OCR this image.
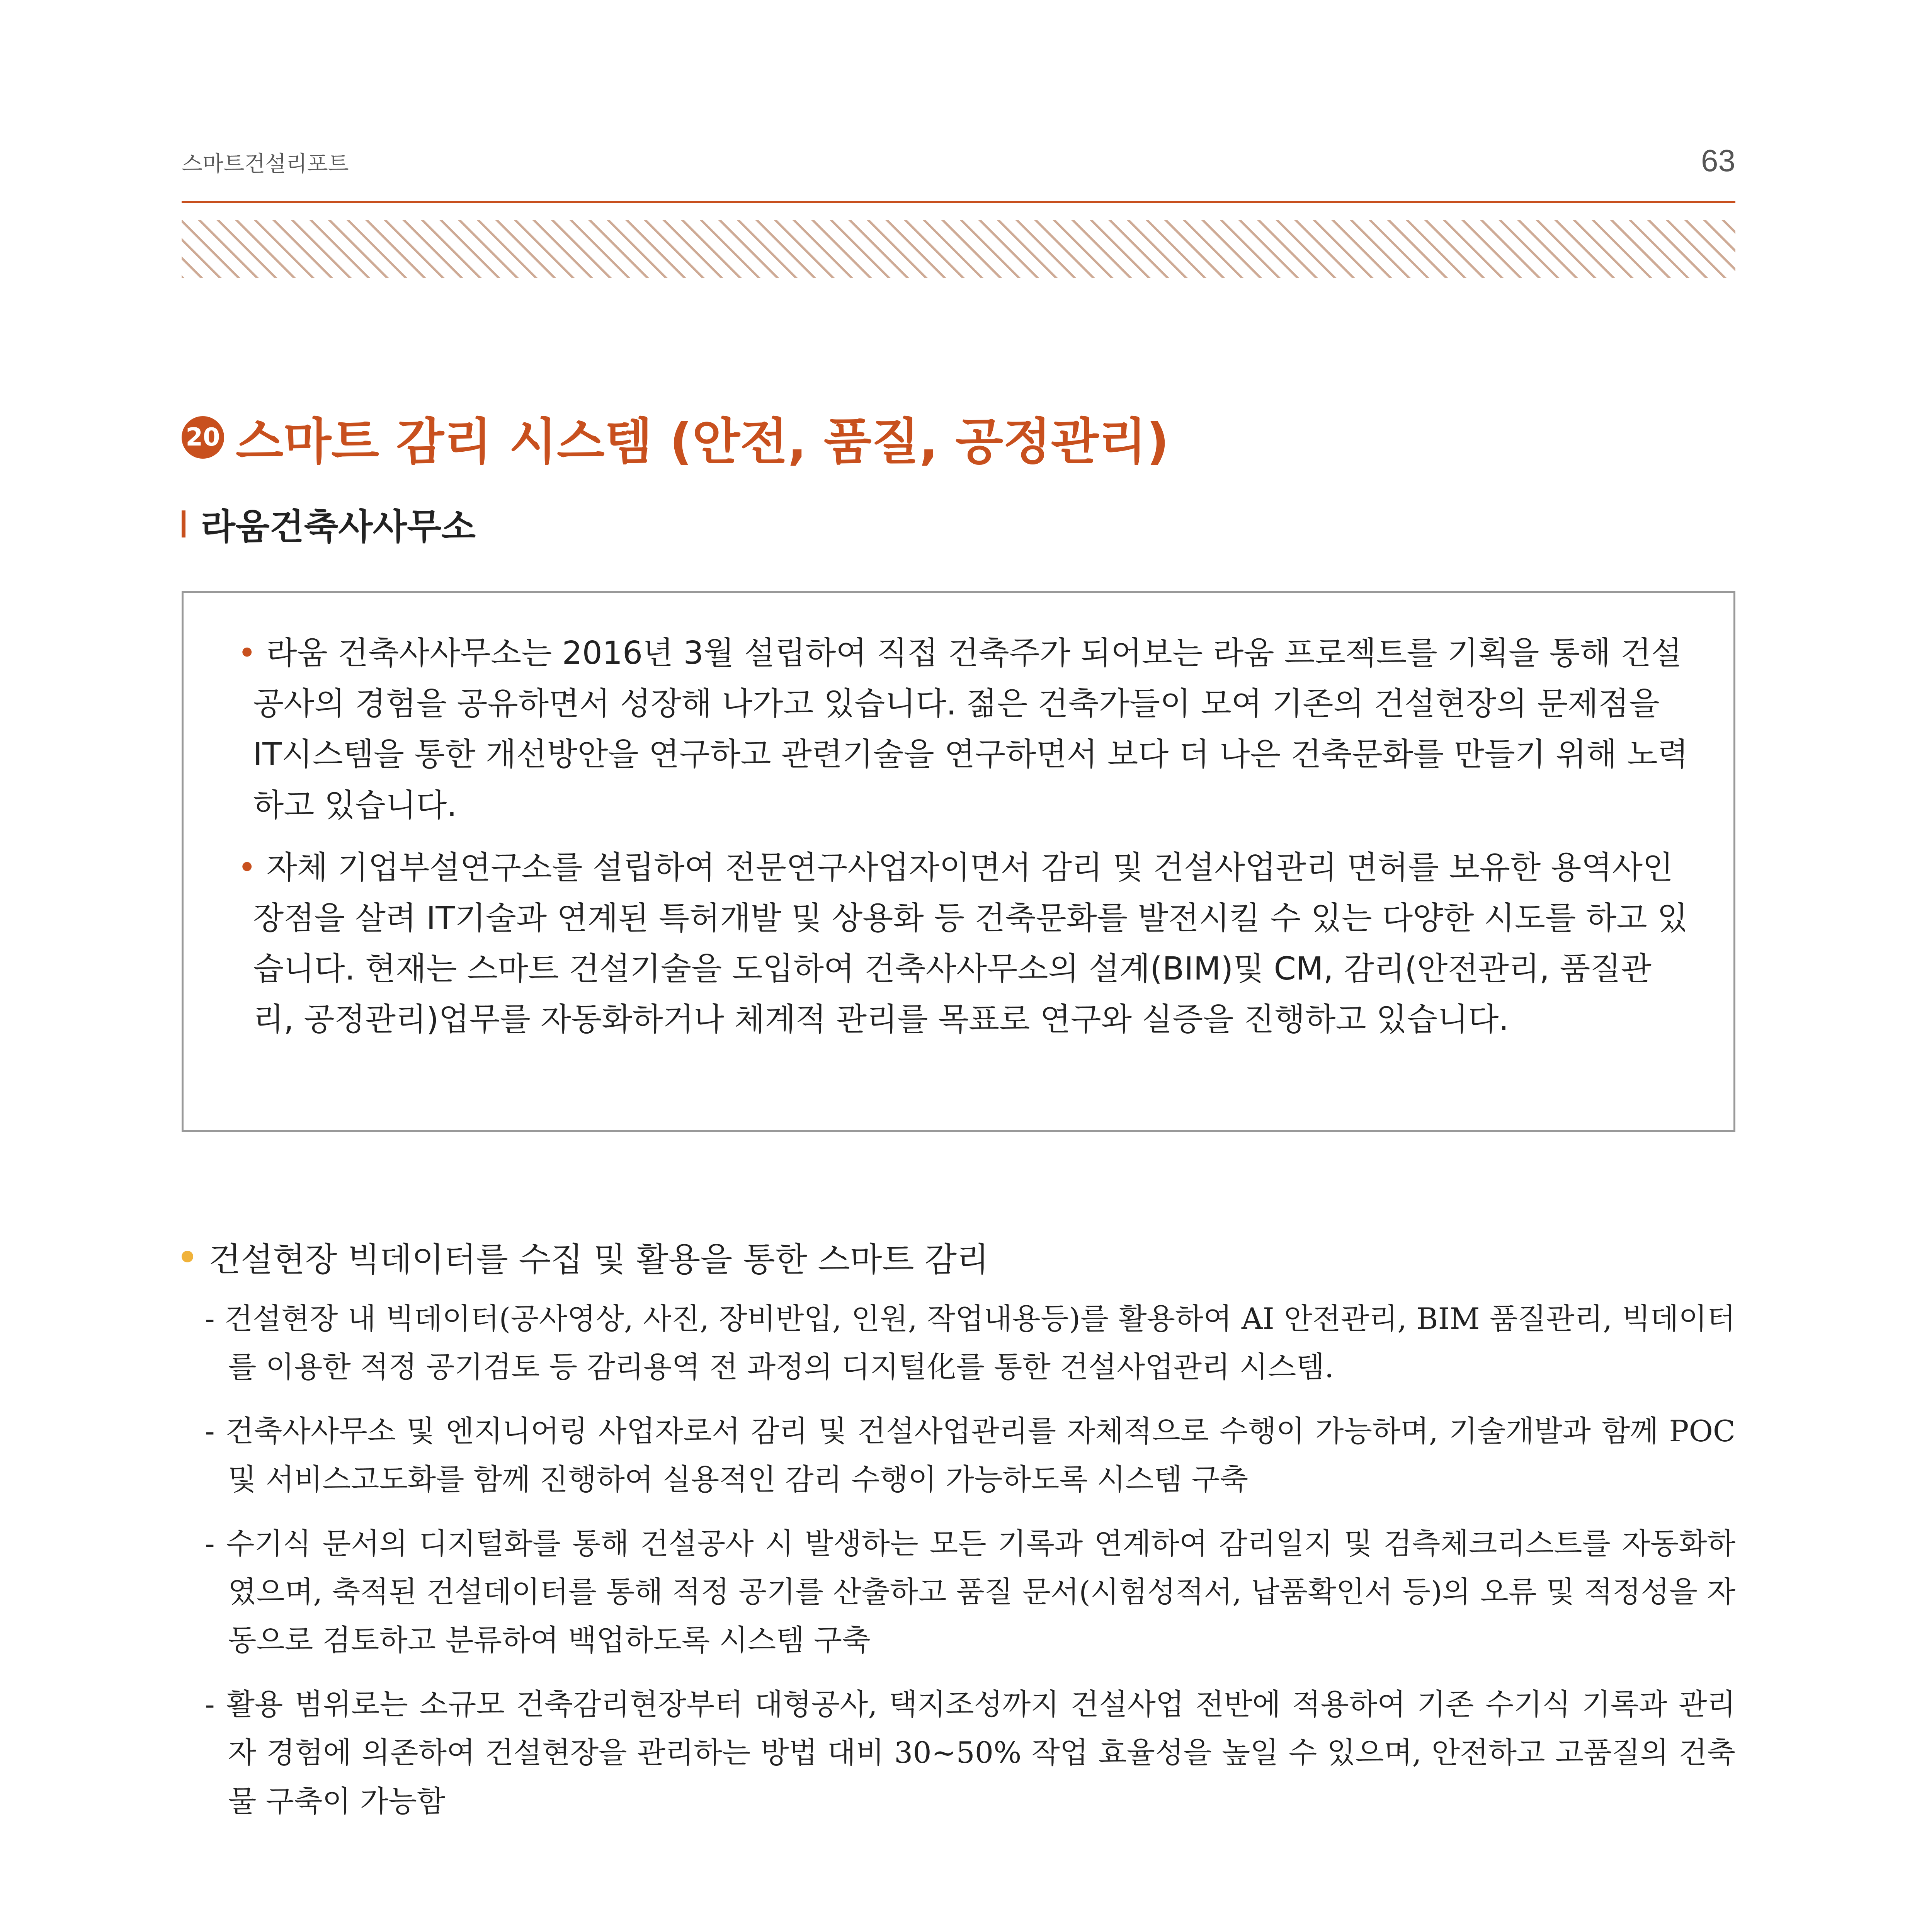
스마트건설리포트	63
20 스마트 감리 시스템 (안전, 품질, 공정관리)
라움건축사사무소
• 라움 건축사사무소는 2016년 3월 설립하여 직접 건축주가 되어보는 라움 프로젝트를 기획을 통해 건설 공사의 경험을 공유하면서 성장해 나가고 있습니다. 젊은 건축가들이 모여 기존의 건설현장의 문제점을 IT시스템을 통한 개선방안을 연구하고 관련기술을 연구하면서 보다 더 나은 건축문화를 만들기 위해 노력하고 있습니다.
• 자체 기업부설연구소를 설립하여 전문연구사업자이면서 감리 및 건설사업관리 면허를 보유한 용역사인 장점을 살려 IT기술과 연계된 특허개발 및 상용화 등 건축문화를 발전시킬 수 있는 다양한 시도를 하고 있습니다. 현재는 스마트 건설기술을 도입하여 건축사사무소의 설계(BIM)및 CM, 감리(안전관리, 품질관리, 공정관리)업무를 자동화하거나 체계적 관리를 목표로 연구와 실증을 진행하고 있습니다.
건설현장 빅데이터를 수집 및 활용을 통한 스마트 감리
- 건설현장 내 빅데이터(공사영상, 사진, 장비반입, 인원, 작업내용등)를 활용하여 AI 안전관리, BIM 품질관리, 빅데이터를 이용한 적정 공기검토 등 감리용역 전 과정의 디지털化를 통한 건설사업관리 시스템.
- 건축사사무소 및 엔지니어링 사업자로서 감리 및 건설사업관리를 자체적으로 수행이 가능하며, 기술개발과 함께 POC 및 서비스고도화를 함께 진행하여 실용적인 감리 수행이 가능하도록 시스템 구축
- 수기식 문서의 디지털화를 통해 건설공사 시 발생하는 모든 기록과 연계하여 감리일지 및 검측체크리스트를 자동화하였으며, 축적된 건설데이터를 통해 적정 공기를 산출하고 품질 문서(시험성적서, 납품확인서 등)의 오류 및 적정성을 자동으로 검토하고 분류하여 백업하도록 시스템 구축
- 활용 범위로는 소규모 건축감리현장부터 대형공사, 택지조성까지 건설사업 전반에 적용하여 기존 수기식 기록과 관리자 경험에 의존하여 건설현장을 관리하는 방법 대비 30~50% 작업 효율성을 높일 수 있으며, 안전하고 고품질의 건축물 구축이 가능함
